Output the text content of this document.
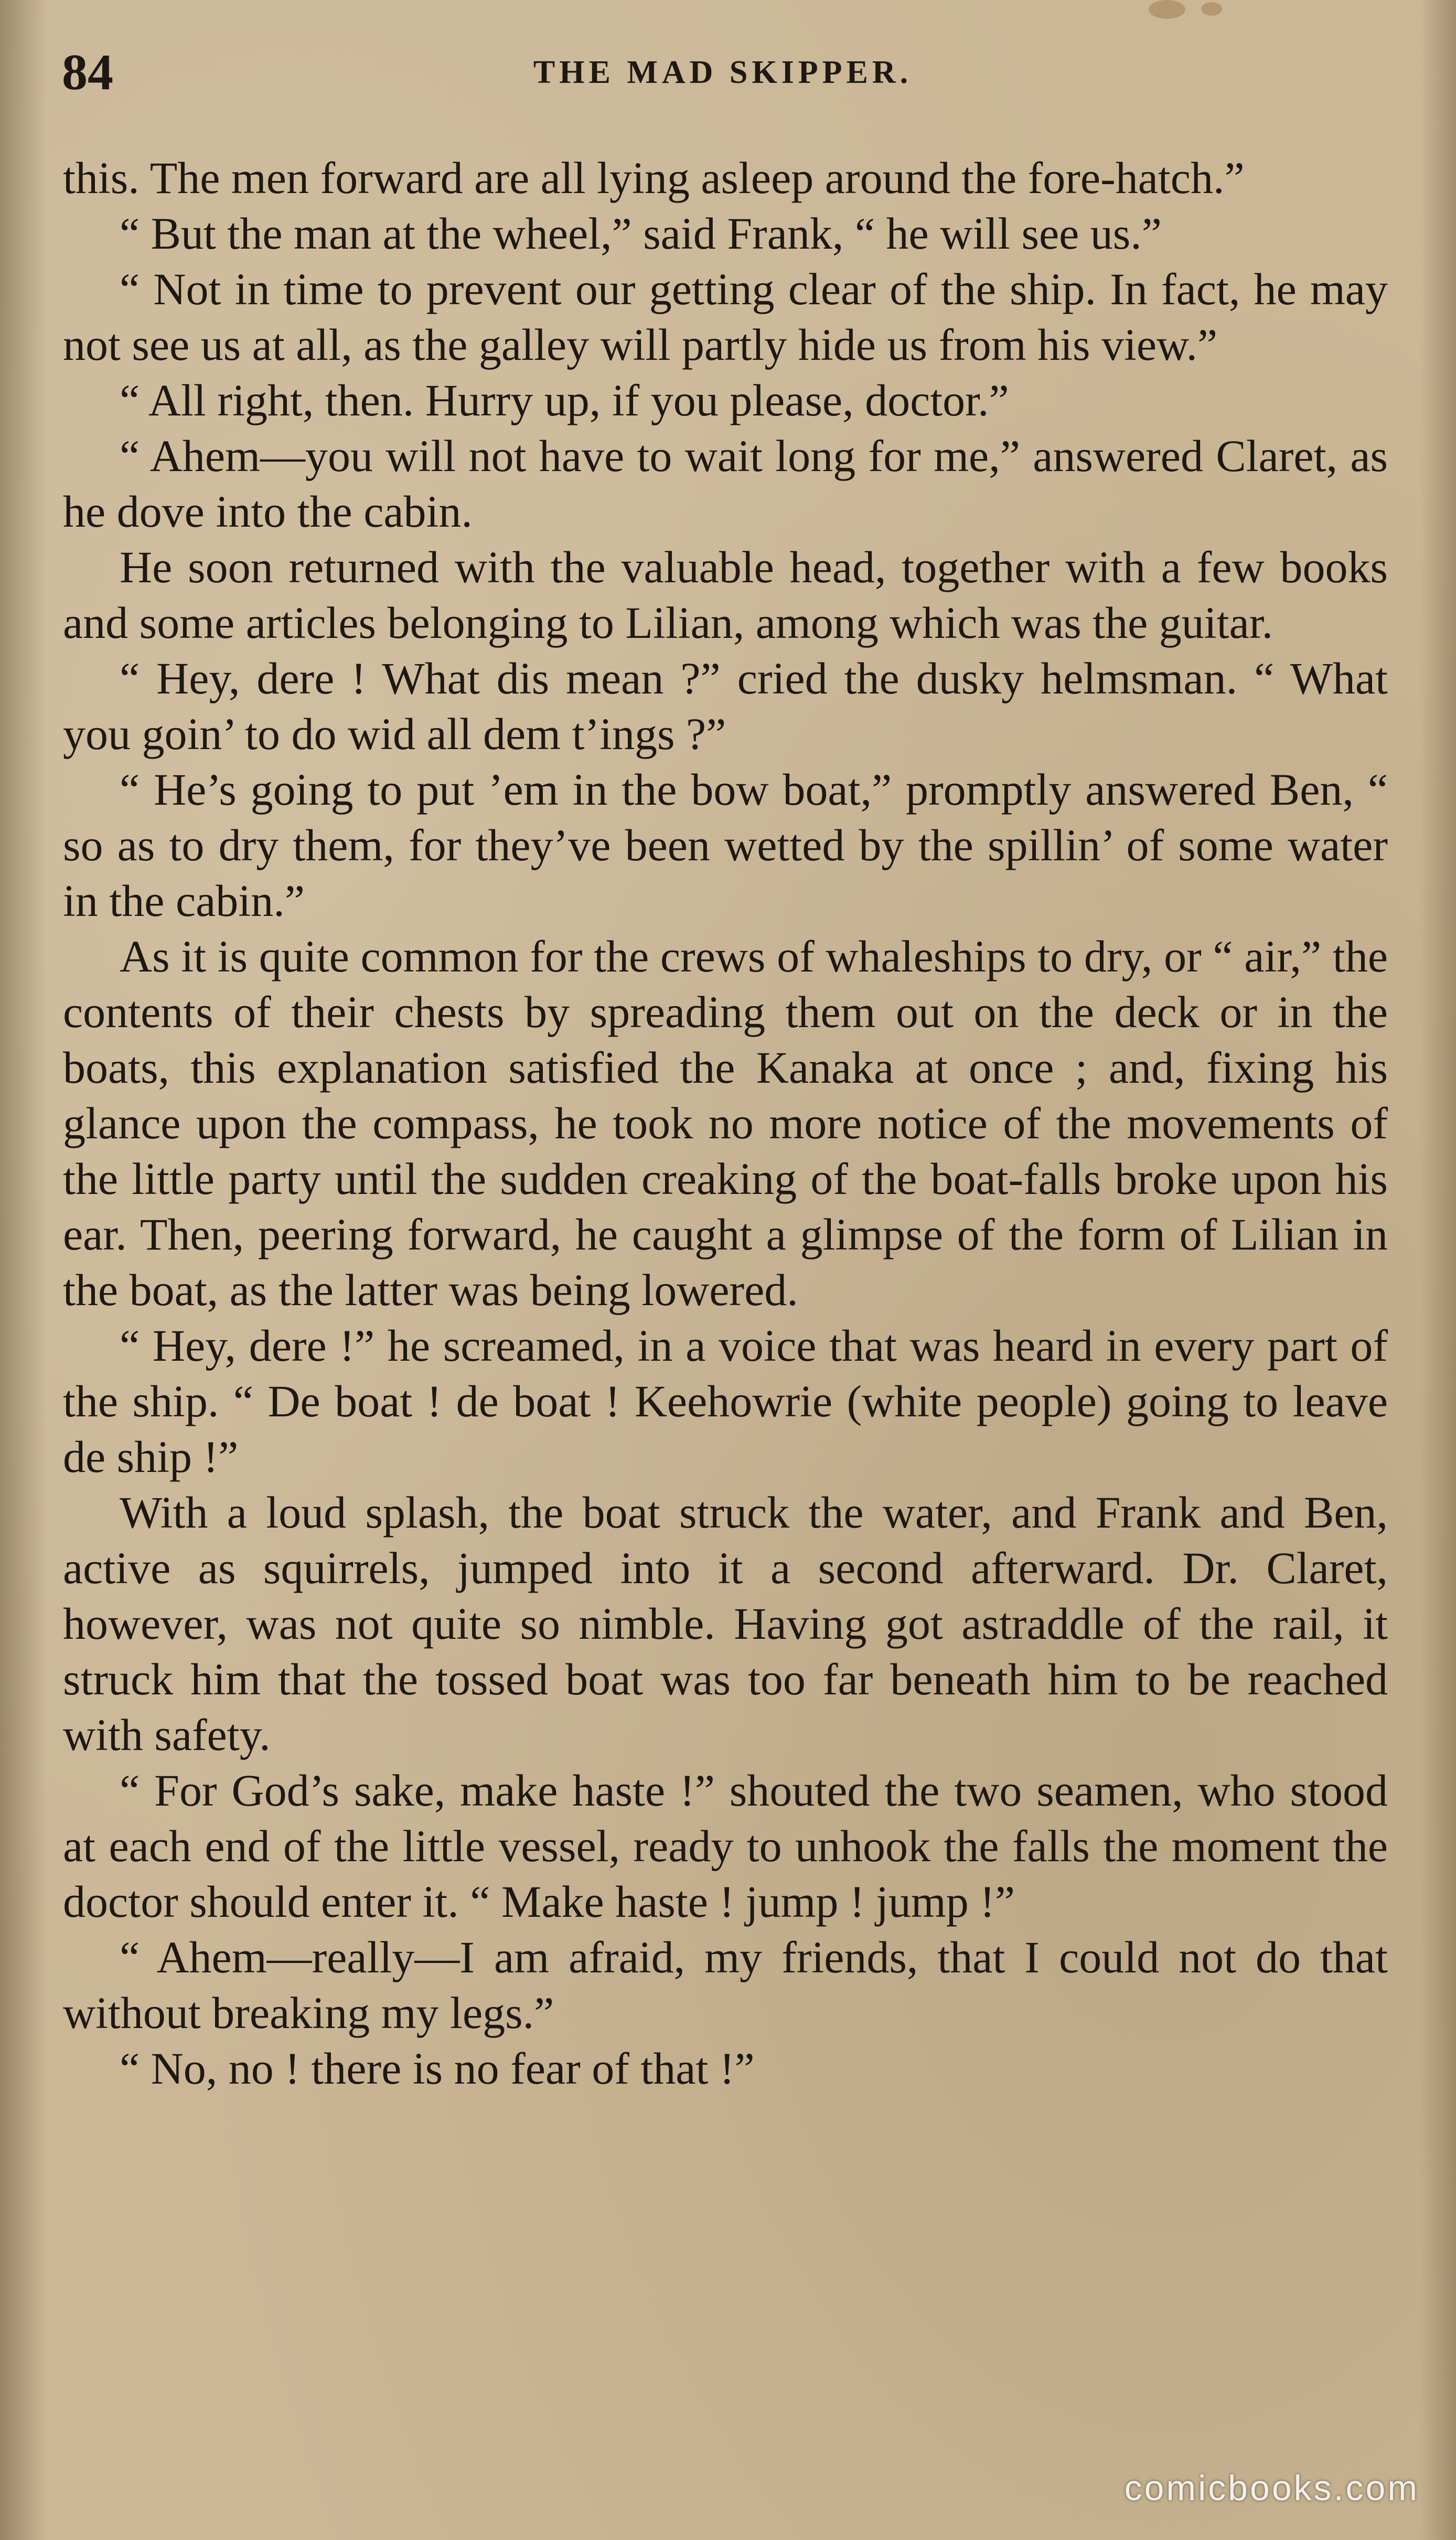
84	THE MAD SKIPPER.

this. The men forward are all lying asleep around the fore-hatch.”

“ But the man at the wheel,” said Frank, “ he will see us.”

“ Not in time to prevent our getting clear of the ship. In fact, he may not see us at all, as the galley will partly hide us from his view.”

“ All right, then. Hurry up, if you please, doctor.”

“ Ahem—you will not have to wait long for me,” answered Claret, as he dove into the cabin.

He soon returned with the valuable head, together with a few books and some articles belonging to Lilian, among which was the guitar.

“ Hey, dere ! What dis mean ?” cried the dusky helmsman. “ What you goin’ to do wid all dem t’ings ?”

“ He’s going to put ’em in the bow boat,” promptly answered Ben, “ so as to dry them, for they’ve been wetted by the spillin’ of some water in the cabin.”

As it is quite common for the crews of whaleships to dry, or “ air,” the contents of their chests by spreading them out on the deck or in the boats, this explanation satisfied the Kanaka at once ; and, fixing his glance upon the compass, he took no more notice of the movements of the little party until the sudden creaking of the boat-falls broke upon his ear. Then, peering forward, he caught a glimpse of the form of Lilian in the boat, as the latter was being lowered.

“ Hey, dere !” he screamed, in a voice that was heard in every part of the ship. “ De boat ! de boat ! Keehowrie (white people) going to leave de ship !”

With a loud splash, the boat struck the water, and Frank and Ben, active as squirrels, jumped into it a second afterward. Dr. Claret, however, was not quite so nimble. Having got astraddle of the rail, it struck him that the tossed boat was too far beneath him to be reached with safety.

“ For God’s sake, make haste !” shouted the two seamen, who stood at each end of the little vessel, ready to unhook the falls the moment the doctor should enter it. “ Make haste ! jump ! jump !”

“ Ahem—really—I am afraid, my friends, that I could not do that without breaking my legs.”

“ No, no ! there is no fear of that !”

comicbooks.com
